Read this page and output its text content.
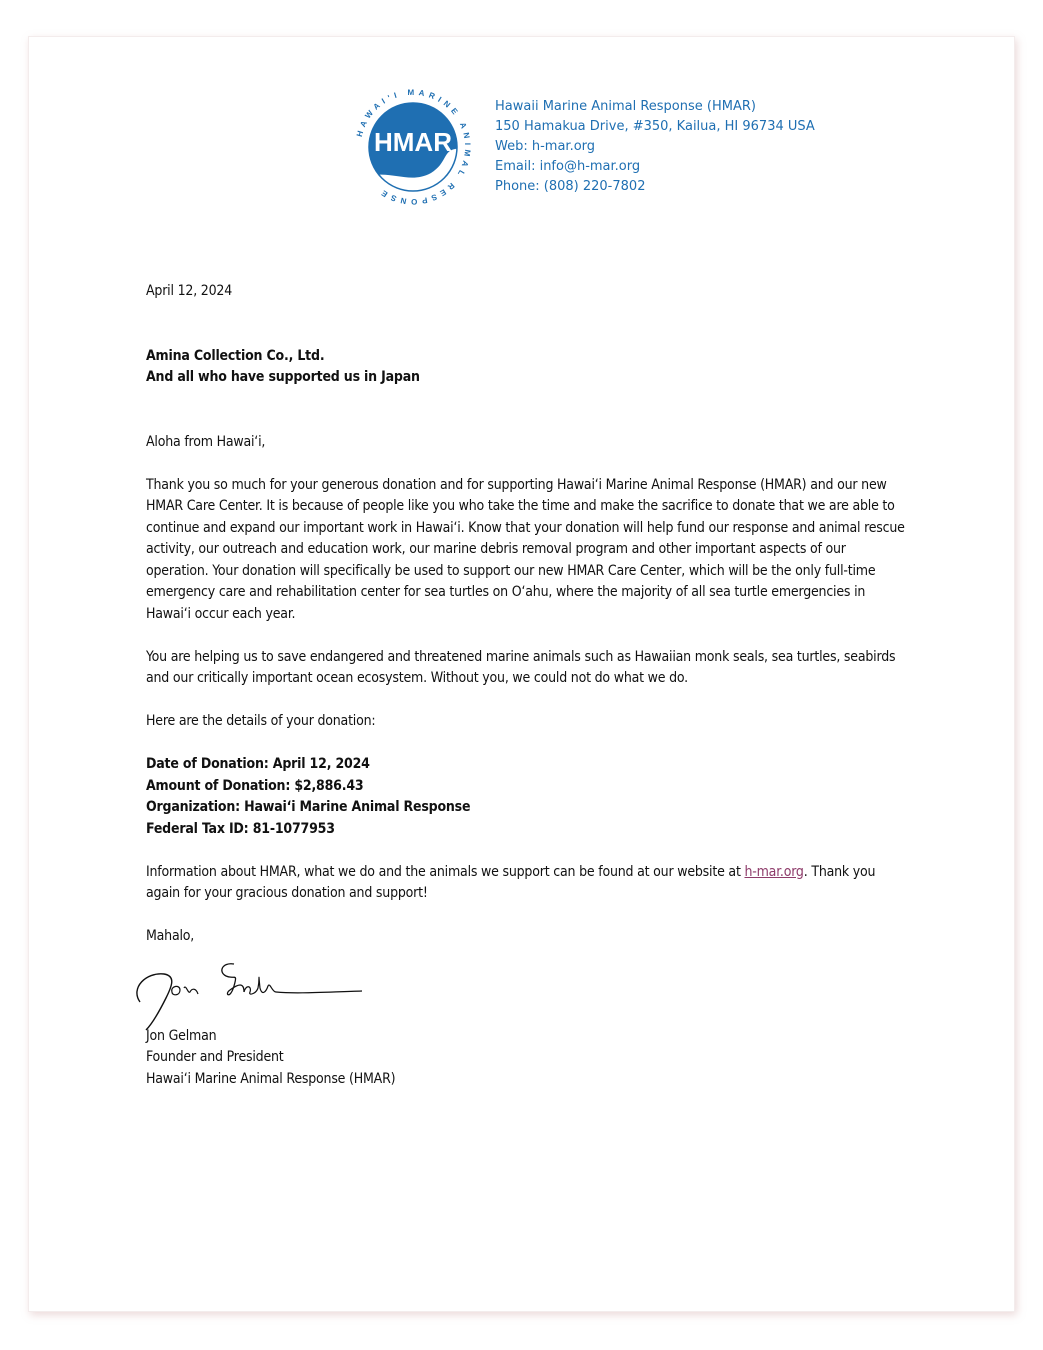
HMAR
HAWAI'I MARINE ANIMAL RESPONSE
Hawaii Marine Animal Response (HMAR)
150 Hamakua Drive, #350, Kailua, HI 96734 USA
Web: h-mar.org
Email: info@h-mar.org
Phone: (808) 220-7802

April 12, 2024

Amina Collection Co., Ltd.

And all who have supported us in Japan

Aloha from Hawai‘i,

Thank you so much for your generous donation and for supporting Hawai‘i Marine Animal Response (HMAR) and our new HMAR Care Center. It is because of people like you who take the time and make the sacrifice to donate that we are able to continue and expand our important work in Hawai‘i. Know that your donation will help fund our response and animal rescue activity, our outreach and education work, our marine debris removal program and other important aspects of our operation. Your donation will specifically be used to support our new HMAR Care Center, which will be the only full-time emergency care and rehabilitation center for sea turtles on O‘ahu, where the majority of all sea turtle emergencies in Hawai‘i occur each year.

You are helping us to save endangered and threatened marine animals such as Hawaiian monk seals, sea turtles, seabirds and our critically important ocean ecosystem. Without you, we could not do what we do.

Here are the details of your donation:

Date of Donation: April 12, 2024

Amount of Donation: $2,886.43

Organization: Hawai‘i Marine Animal Response

Federal Tax ID: 81-1077953

Information about HMAR, what we do and the animals we support can be found at our website at h-mar.org. Thank you again for your gracious donation and support!

Mahalo,

Jon Gelman

Founder and President

Hawai‘i Marine Animal Response (HMAR)
